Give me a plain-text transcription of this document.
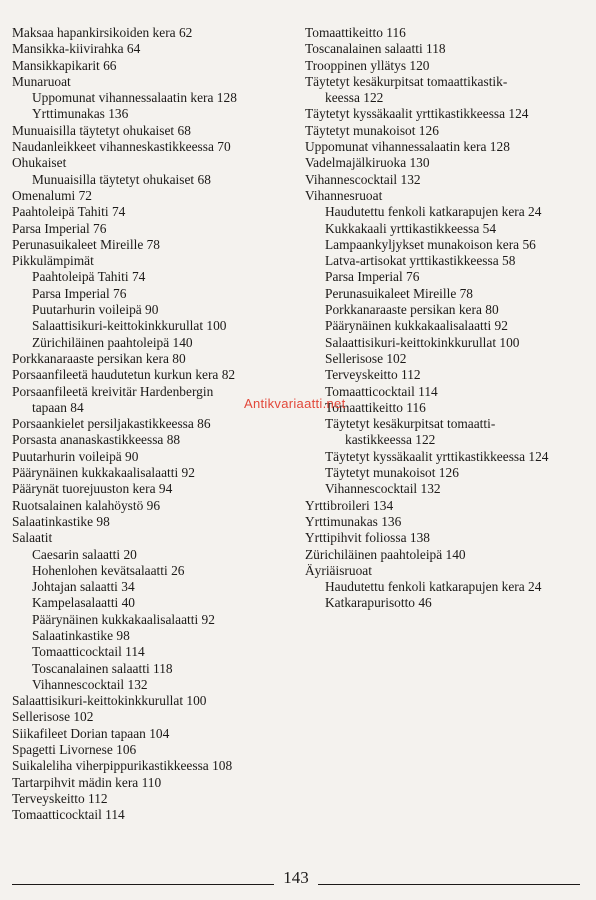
Maksaa hapankirsikoiden kera 62
Mansikka-kiivirahka 64
Mansikkapikarit 66
Munaruoat
Uppomunat vihannessalaatin kera 128
Yrttimunakas 136
Munuaisilla täytetyt ohukaiset 68
Naudanleikkeet vihanneskastikkeessa 70
Ohukaiset
Munuaisilla täytetyt ohukaiset 68
Omenalumi 72
Paahtoleipä Tahiti 74
Parsa Imperial 76
Perunasuikaleet Mireille 78
Pikkulämpimät
Paahtoleipä Tahiti 74
Parsa Imperial 76
Puutarhurin voileipä 90
Salaattisikuri-keittokinkkurullat 100
Zürichiläinen paahtoleipä 140
Porkkanaraaste persikan kera 80
Porsaanfileetä haudutetun kurkun kera 82
Porsaanfileetä kreivitär Hardenbergin
tapaan 84
Porsaankielet persiljakastikkeessa 86
Porsasta ananaskastikkeessa 88
Puutarhurin voileipä 90
Päärynäinen kukkakaalisalaatti 92
Päärynät tuorejuuston kera 94
Ruotsalainen kalahöystö 96
Salaatinkastike 98
Salaatit
Caesarin salaatti 20
Hohenlohen kevätsalaatti 26
Johtajan salaatti 34
Kampelasalaatti 40
Päärynäinen kukkakaalisalaatti 92
Salaatinkastike 98
Tomaatticocktail 114
Toscanalainen salaatti 118
Vihannescocktail 132
Salaattisikuri-keittokinkkurullat 100
Sellerisose 102
Siikafileet Dorian tapaan 104
Spagetti Livornese 106
Suikaleliha viherpippurikastikkeessa 108
Tartarpihvit mädin kera 110
Terveyskeitto 112
Tomaatticocktail 114
Tomaattikeitto 116
Toscanalainen salaatti 118
Trooppinen yllätys 120
Täytetyt kesäkurpitsat tomaattikastik-
keessa 122
Täytetyt kyssäkaalit yrttikastikkeessa 124
Täytetyt munakoisot 126
Uppomunat vihannessalaatin kera 128
Vadelmajälkiruoka 130
Vihannescocktail 132
Vihannesruoat
Haudutettu fenkoli katkarapujen kera 24
Kukkakaali yrttikastikkeessa 54
Lampaankyljykset munakoison kera 56
Latva-artisokat yrttikastikkeessa 58
Parsa Imperial 76
Perunasuikaleet Mireille 78
Porkkanaraaste persikan kera 80
Päärynäinen kukkakaalisalaatti 92
Salaattisikuri-keittokinkkurullat 100
Sellerisose 102
Terveyskeitto 112
Tomaatticocktail 114
Tomaattikeitto 116
Täytetyt kesäkurpitsat tomaatti-
kastikkeessa 122
Täytetyt kyssäkaalit yrttikastikkeessa 124
Täytetyt munakoisot 126
Vihannescocktail 132
Yrttibroileri 134
Yrttimunakas 136
Yrttipihvit foliossa 138
Zürichiläinen paahtoleipä 140
Äyriäisruoat
Haudutettu fenkoli katkarapujen kera 24
Katkarapurisotto 46
Antikvariaatti.net
143
